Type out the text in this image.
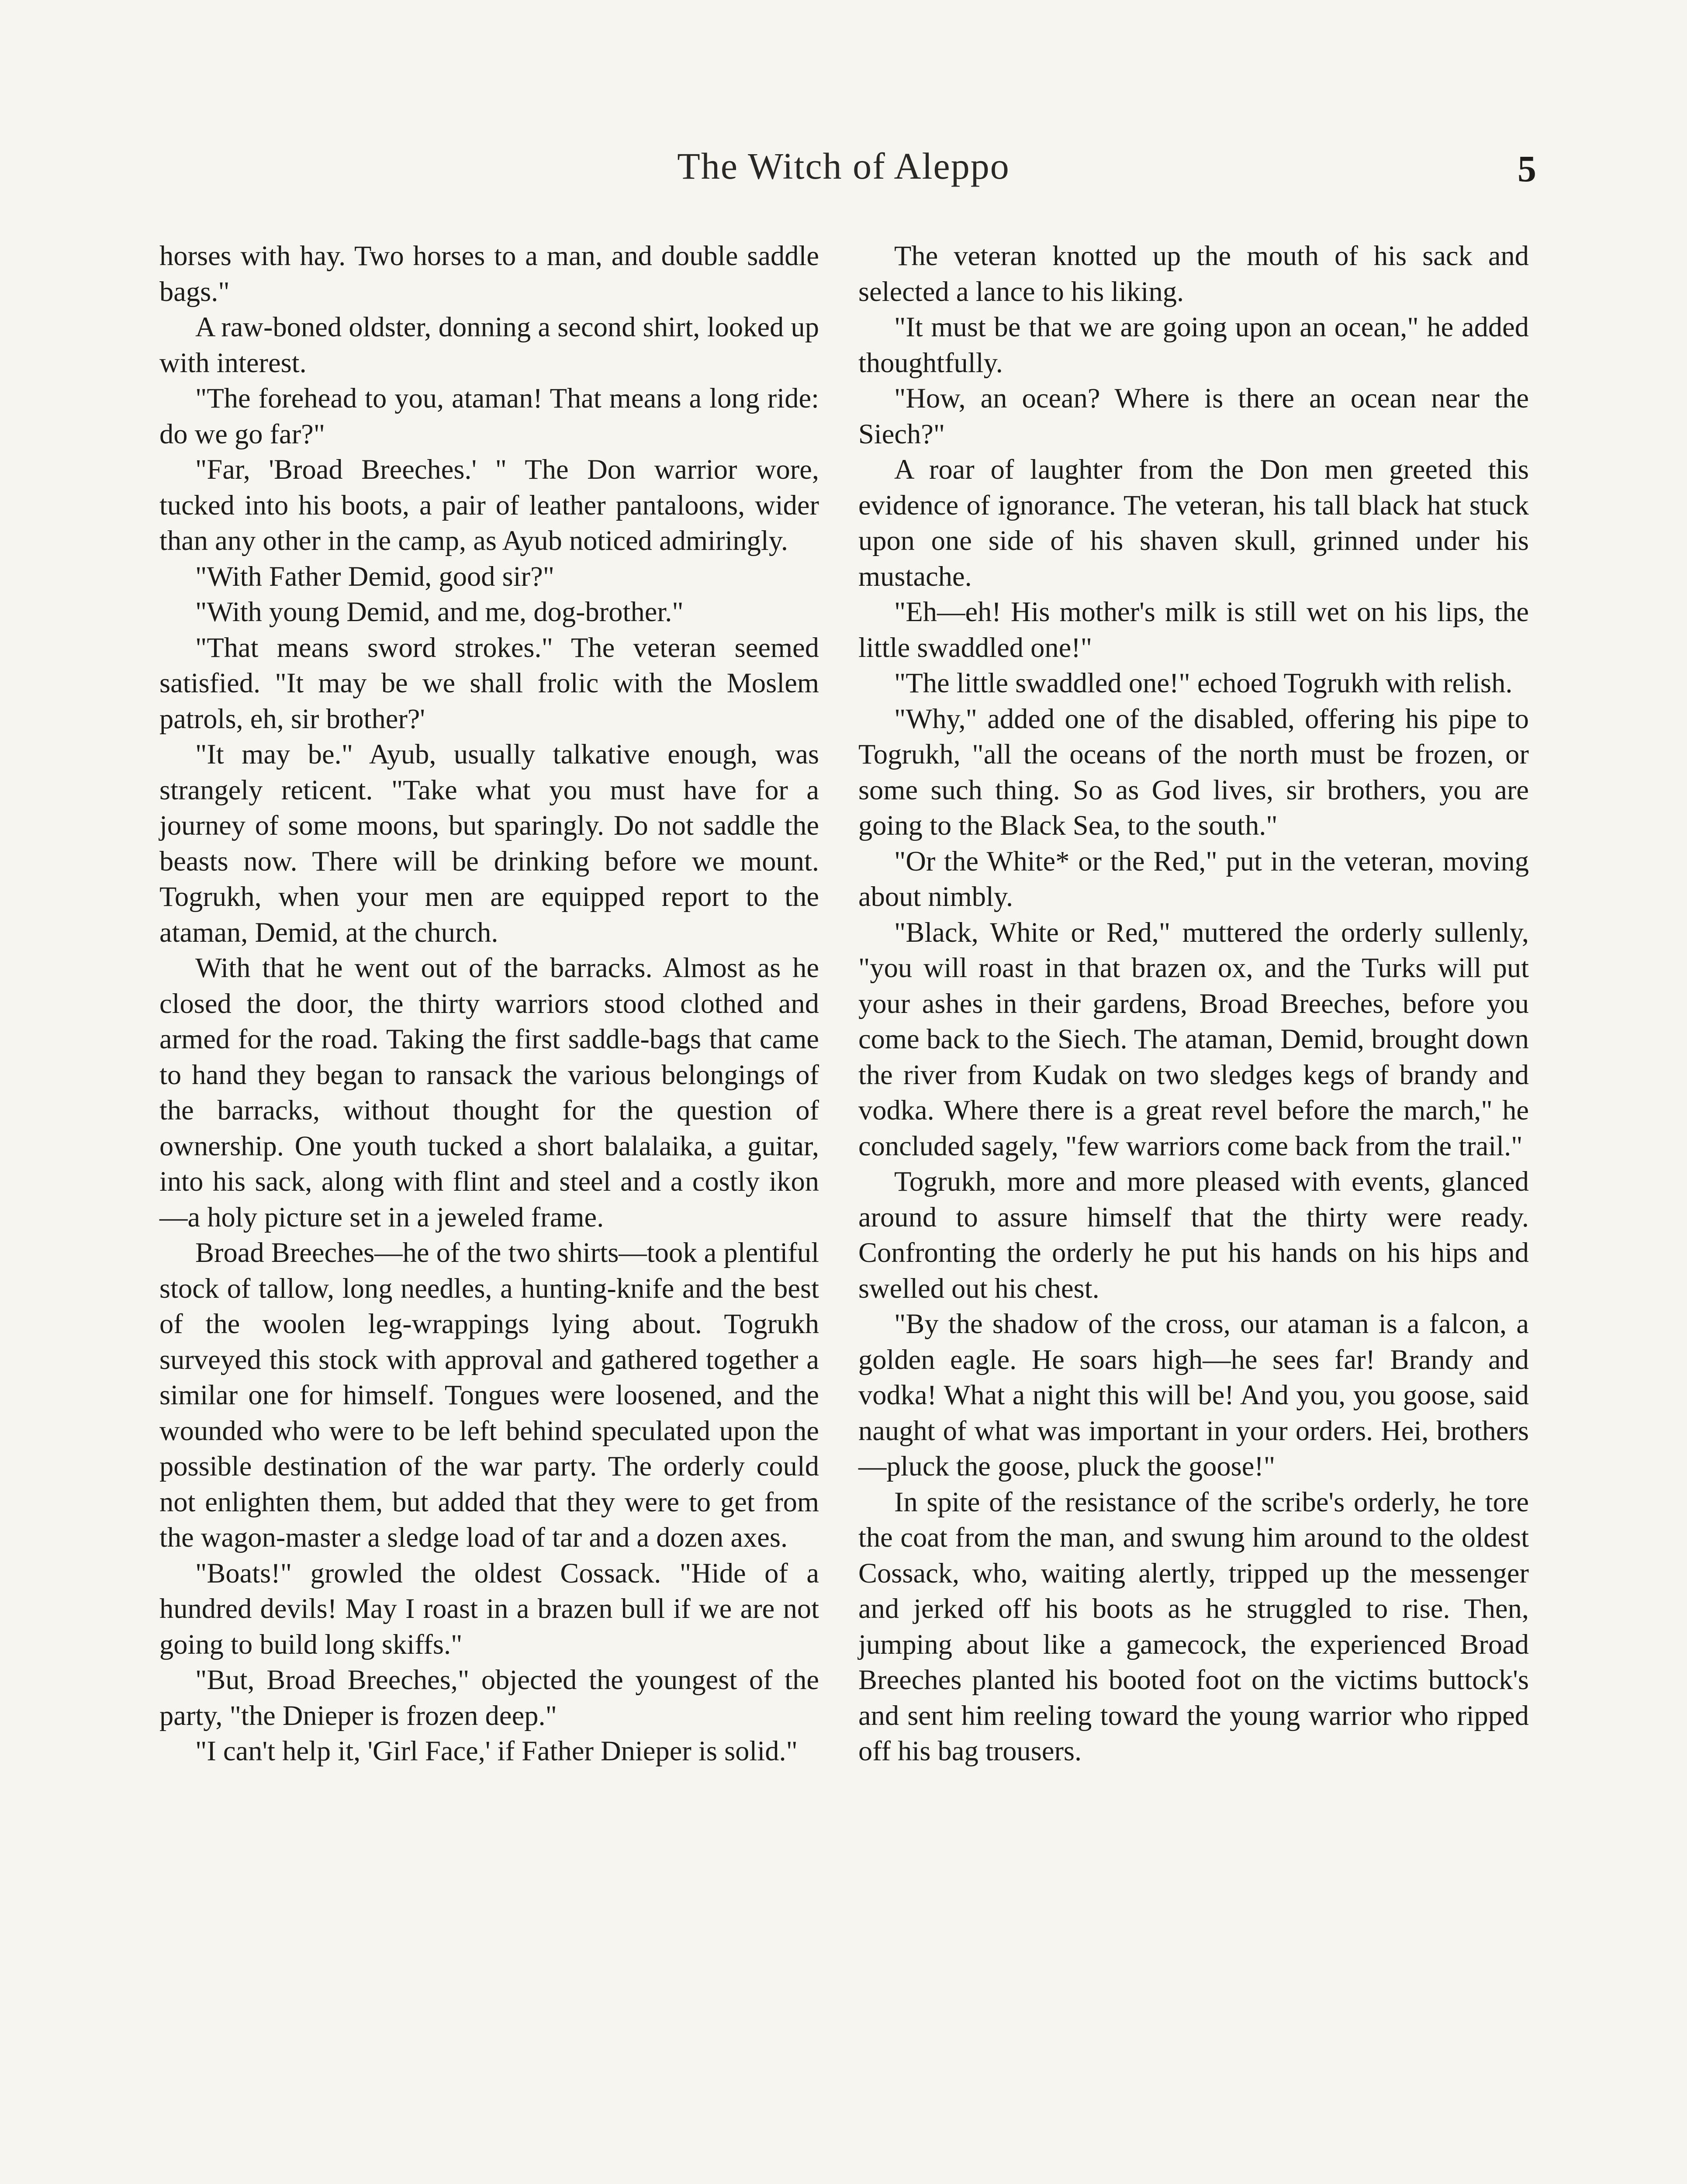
The Witch of Aleppo	5

horses with hay. Two horses to a man, and double saddle bags."

A raw-boned oldster, donning a second shirt, looked up with interest.

"The forehead to you, ataman! That means a long ride: do we go far?"

"Far, 'Broad Breeches.' " The Don warrior wore, tucked into his boots, a pair of leather pantaloons, wider than any other in the camp, as Ayub noticed admiringly.

"With Father Demid, good sir?"

"With young Demid, and me, dog-brother."

"That means sword strokes." The veteran seemed satisfied. "It may be we shall frolic with the Moslem patrols, eh, sir brother?'

"It may be." Ayub, usually talkative enough, was strangely reticent. "Take what you must have for a journey of some moons, but sparingly. Do not saddle the beasts now. There will be drinking before we mount. Togrukh, when your men are equipped report to the ataman, Demid, at the church.

With that he went out of the barracks. Almost as he closed the door, the thirty warriors stood clothed and armed for the road. Taking the first saddle-bags that came to hand they began to ransack the various belongings of the barracks, without thought for the question of ownership. One youth tucked a short balalaika, a guitar, into his sack, along with flint and steel and a costly ikon—a holy picture set in a jeweled frame.

Broad Breeches—he of the two shirts—took a plentiful stock of tallow, long needles, a hunting-knife and the best of the woolen leg-wrappings lying about. Togrukh surveyed this stock with approval and gathered together a similar one for himself. Tongues were loosened, and the wounded who were to be left behind speculated upon the possible destination of the war party. The orderly could not enlighten them, but added that they were to get from the wagon-master a sledge load of tar and a dozen axes.

"Boats!" growled the oldest Cossack. "Hide of a hundred devils! May I roast in a brazen bull if we are not going to build long skiffs."

"But, Broad Breeches," objected the youngest of the party, "the Dnieper is frozen deep."

"I can't help it, 'Girl Face,' if Father Dnieper is solid."

The veteran knotted up the mouth of his sack and selected a lance to his liking.

"It must be that we are going upon an ocean," he added thoughtfully.

"How, an ocean? Where is there an ocean near the Siech?"

A roar of laughter from the Don men greeted this evidence of ignorance. The veteran, his tall black hat stuck upon one side of his shaven skull, grinned under his mustache.

"Eh—eh! His mother's milk is still wet on his lips, the little swaddled one!"

"The little swaddled one!" echoed Togrukh with relish.

"Why," added one of the disabled, offering his pipe to Togrukh, "all the oceans of the north must be frozen, or some such thing. So as God lives, sir brothers, you are going to the Black Sea, to the south."

"Or the White* or the Red," put in the veteran, moving about nimbly.

"Black, White or Red," muttered the orderly sullenly, "you will roast in that brazen ox, and the Turks will put your ashes in their gardens, Broad Breeches, before you come back to the Siech. The ataman, Demid, brought down the river from Kudak on two sledges kegs of brandy and vodka. Where there is a great revel before the march," he concluded sagely, "few warriors come back from the trail."

Togrukh, more and more pleased with events, glanced around to assure himself that the thirty were ready. Confronting the orderly he put his hands on his hips and swelled out his chest.

"By the shadow of the cross, our ataman is a falcon, a golden eagle. He soars high—he sees far! Brandy and vodka! What a night this will be! And you, you goose, said naught of what was important in your orders. Hei, brothers—pluck the goose, pluck the goose!"

In spite of the resistance of the scribe's orderly, he tore the coat from the man, and swung him around to the oldest Cossack, who, waiting alertly, tripped up the messenger and jerked off his boots as he struggled to rise. Then, jumping about like a gamecock, the experienced Broad Breeches planted his booted foot on the victims buttock's and sent him reeling toward the young warrior who ripped off his bag trousers.
